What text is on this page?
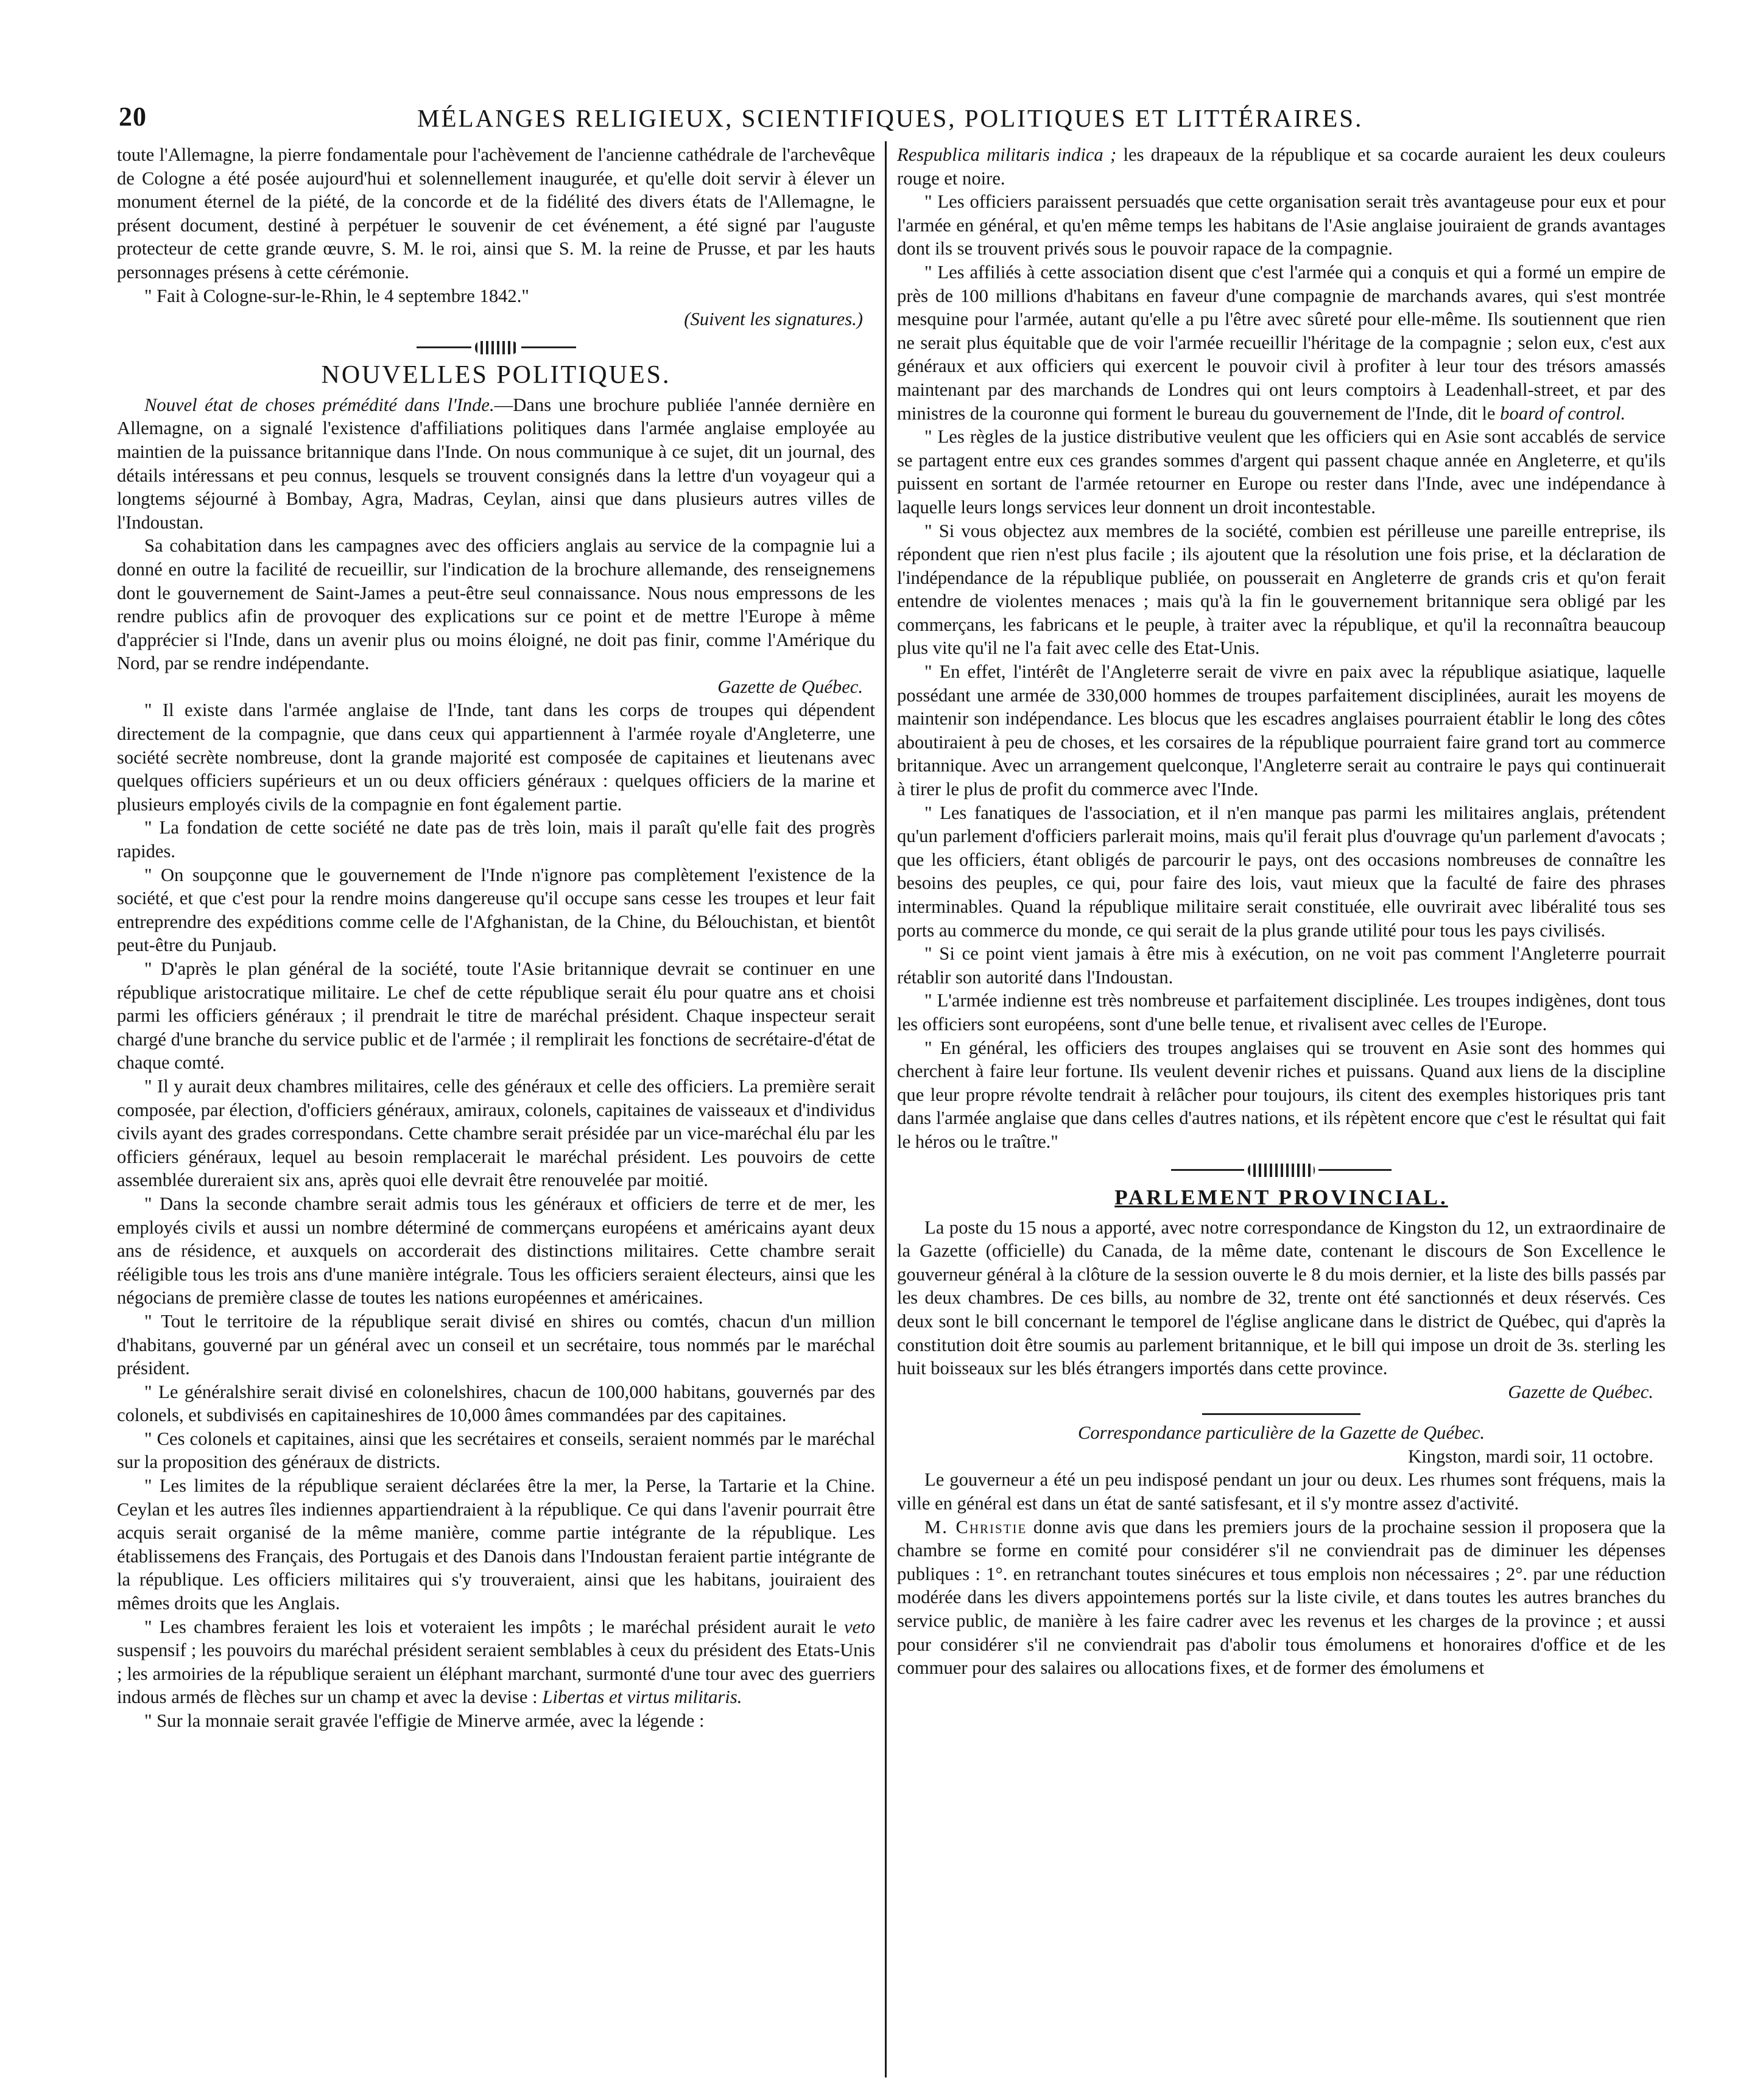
20	MÉLANGES RELIGIEUX, SCIENTIFIQUES, POLITIQUES ET LITTÉRAIRES.

toute l'Allemagne, la pierre fondamentale pour l'achèvement de l'ancienne cathédrale de l'archevêque de Cologne a été posée aujourd'hui et solennellement inaugurée, et qu'elle doit servir à élever un monument éternel de la piété, de la concorde et de la fidélité des divers états de l'Allemagne, le présent document, destiné à perpétuer le souvenir de cet événement, a été signé par l'auguste protecteur de cette grande œuvre, S. M. le roi, ainsi que S. M. la reine de Prusse, et par les hauts personnages présens à cette cérémonie.

" Fait à Cologne-sur-le-Rhin, le 4 septembre 1842."

(Suivent les signatures.)

NOUVELLES POLITIQUES.

Nouvel état de choses prémédité dans l'Inde.—Dans une brochure publiée l'année dernière en Allemagne, on a signalé l'existence d'affiliations politiques dans l'armée anglaise employée au maintien de la puissance britannique dans l'Inde. On nous communique à ce sujet, dit un journal, des détails intéressans et peu connus, lesquels se trouvent consignés dans la lettre d'un voyageur qui a longtems séjourné à Bombay, Agra, Madras, Ceylan, ainsi que dans plusieurs autres villes de l'Indoustan.

Sa cohabitation dans les campagnes avec des officiers anglais au service de la compagnie lui a donné en outre la facilité de recueillir, sur l'indication de la brochure allemande, des renseignemens dont le gouvernement de Saint-James a peut-être seul connaissance. Nous nous empressons de les rendre publics afin de provoquer des explications sur ce point et de mettre l'Europe à même d'apprécier si l'Inde, dans un avenir plus ou moins éloigné, ne doit pas finir, comme l'Amérique du Nord, par se rendre indépendante.

Gazette de Québec.

" Il existe dans l'armée anglaise de l'Inde, tant dans les corps de troupes qui dépendent directement de la compagnie, que dans ceux qui appartiennent à l'armée royale d'Angleterre, une société secrète nombreuse, dont la grande majorité est composée de capitaines et lieutenans avec quelques officiers supérieurs et un ou deux officiers généraux : quelques officiers de la marine et plusieurs employés civils de la compagnie en font également partie.

" La fondation de cette société ne date pas de très loin, mais il paraît qu'elle fait des progrès rapides.

" On soupçonne que le gouvernement de l'Inde n'ignore pas complètement l'existence de la société, et que c'est pour la rendre moins dangereuse qu'il occupe sans cesse les troupes et leur fait entreprendre des expéditions comme celle de l'Afghanistan, de la Chine, du Bélouchistan, et bientôt peut-être du Punjaub.

" D'après le plan général de la société, toute l'Asie britannique devrait se continuer en une république aristocratique militaire. Le chef de cette république serait élu pour quatre ans et choisi parmi les officiers généraux ; il prendrait le titre de maréchal président. Chaque inspecteur serait chargé d'une branche du service public et de l'armée ; il remplirait les fonctions de secrétaire-d'état de chaque comté.

" Il y aurait deux chambres militaires, celle des généraux et celle des officiers. La première serait composée, par élection, d'officiers généraux, amiraux, colonels, capitaines de vaisseaux et d'individus civils ayant des grades correspondans. Cette chambre serait présidée par un vice-maréchal élu par les officiers généraux, lequel au besoin remplacerait le maréchal président. Les pouvoirs de cette assemblée dureraient six ans, après quoi elle devrait être renouvelée par moitié.

" Dans la seconde chambre serait admis tous les généraux et officiers de terre et de mer, les employés civils et aussi un nombre déterminé de commerçans européens et américains ayant deux ans de résidence, et auxquels on accorderait des distinctions militaires. Cette chambre serait rééligible tous les trois ans d'une manière intégrale. Tous les officiers seraient électeurs, ainsi que les négocians de première classe de toutes les nations européennes et américaines.

" Tout le territoire de la république serait divisé en shires ou comtés, chacun d'un million d'habitans, gouverné par un général avec un conseil et un secrétaire, tous nommés par le maréchal président.

" Le généralshire serait divisé en colonelshires, chacun de 100,000 habitans, gouvernés par des colonels, et subdivisés en capitaineshires de 10,000 âmes commandées par des capitaines.

" Ces colonels et capitaines, ainsi que les secrétaires et conseils, seraient nommés par le maréchal sur la proposition des généraux de districts.

" Les limites de la république seraient déclarées être la mer, la Perse, la Tartarie et la Chine. Ceylan et les autres îles indiennes appartiendraient à la république. Ce qui dans l'avenir pourrait être acquis serait organisé de la même manière, comme partie intégrante de la république. Les établissemens des Français, des Portugais et des Danois dans l'Indoustan feraient partie intégrante de la république. Les officiers militaires qui s'y trouveraient, ainsi que les habitans, jouiraient des mêmes droits que les Anglais.

" Les chambres feraient les lois et voteraient les impôts ; le maréchal président aurait le veto suspensif ; les pouvoirs du maréchal président seraient semblables à ceux du président des Etats-Unis ; les armoiries de la république seraient un éléphant marchant, surmonté d'une tour avec des guerriers indous armés de flèches sur un champ et avec la devise : Libertas et virtus militaris.

" Sur la monnaie serait gravée l'effigie de Minerve armée, avec la légende :

Respublica militaris indica ; les drapeaux de la république et sa cocarde auraient les deux couleurs rouge et noire.

" Les officiers paraissent persuadés que cette organisation serait très avantageuse pour eux et pour l'armée en général, et qu'en même temps les habitans de l'Asie anglaise jouiraient de grands avantages dont ils se trouvent privés sous le pouvoir rapace de la compagnie.

" Les affiliés à cette association disent que c'est l'armée qui a conquis et qui a formé un empire de près de 100 millions d'habitans en faveur d'une compagnie de marchands avares, qui s'est montrée mesquine pour l'armée, autant qu'elle a pu l'être avec sûreté pour elle-même. Ils soutiennent que rien ne serait plus équitable que de voir l'armée recueillir l'héritage de la compagnie ; selon eux, c'est aux généraux et aux officiers qui exercent le pouvoir civil à profiter à leur tour des trésors amassés maintenant par des marchands de Londres qui ont leurs comptoirs à Leadenhall-street, et par des ministres de la couronne qui forment le bureau du gouvernement de l'Inde, dit le board of control.

" Les règles de la justice distributive veulent que les officiers qui en Asie sont accablés de service se partagent entre eux ces grandes sommes d'argent qui passent chaque année en Angleterre, et qu'ils puissent en sortant de l'armée retourner en Europe ou rester dans l'Inde, avec une indépendance à laquelle leurs longs services leur donnent un droit incontestable.

" Si vous objectez aux membres de la société, combien est périlleuse une pareille entreprise, ils répondent que rien n'est plus facile ; ils ajoutent que la résolution une fois prise, et la déclaration de l'indépendance de la république publiée, on pousserait en Angleterre de grands cris et qu'on ferait entendre de violentes menaces ; mais qu'à la fin le gouvernement britannique sera obligé par les commerçans, les fabricans et le peuple, à traiter avec la république, et qu'il la reconnaîtra beaucoup plus vite qu'il ne l'a fait avec celle des Etat-Unis.

" En effet, l'intérêt de l'Angleterre serait de vivre en paix avec la république asiatique, laquelle possédant une armée de 330,000 hommes de troupes parfaitement disciplinées, aurait les moyens de maintenir son indépendance. Les blocus que les escadres anglaises pourraient établir le long des côtes aboutiraient à peu de choses, et les corsaires de la république pourraient faire grand tort au commerce britannique. Avec un arrangement quelconque, l'Angleterre serait au contraire le pays qui continuerait à tirer le plus de profit du commerce avec l'Inde.

" Les fanatiques de l'association, et il n'en manque pas parmi les militaires anglais, prétendent qu'un parlement d'officiers parlerait moins, mais qu'il ferait plus d'ouvrage qu'un parlement d'avocats ; que les officiers, étant obligés de parcourir le pays, ont des occasions nombreuses de connaître les besoins des peuples, ce qui, pour faire des lois, vaut mieux que la faculté de faire des phrases interminables. Quand la république militaire serait constituée, elle ouvrirait avec libéralité tous ses ports au commerce du monde, ce qui serait de la plus grande utilité pour tous les pays civilisés.

" Si ce point vient jamais à être mis à exécution, on ne voit pas comment l'Angleterre pourrait rétablir son autorité dans l'Indoustan.

" L'armée indienne est très nombreuse et parfaitement disciplinée. Les troupes indigènes, dont tous les officiers sont européens, sont d'une belle tenue, et rivalisent avec celles de l'Europe.

" En général, les officiers des troupes anglaises qui se trouvent en Asie sont des hommes qui cherchent à faire leur fortune. Ils veulent devenir riches et puissans. Quand aux liens de la discipline que leur propre révolte tendrait à relâcher pour toujours, ils citent des exemples historiques pris tant dans l'armée anglaise que dans celles d'autres nations, et ils répètent encore que c'est le résultat qui fait le héros ou le traître."

PARLEMENT PROVINCIAL.

La poste du 15 nous a apporté, avec notre correspondance de Kingston du 12, un extraordinaire de la Gazette (officielle) du Canada, de la même date, contenant le discours de Son Excellence le gouverneur général à la clôture de la session ouverte le 8 du mois dernier, et la liste des bills passés par les deux chambres. De ces bills, au nombre de 32, trente ont été sanctionnés et deux réservés. Ces deux sont le bill concernant le temporel de l'église anglicane dans le district de Québec, qui d'après la constitution doit être soumis au parlement britannique, et le bill qui impose un droit de 3s. sterling les huit boisseaux sur les blés étrangers importés dans cette province.

Gazette de Québec.

Correspondance particulière de la Gazette de Québec.

Kingston, mardi soir, 11 octobre.

Le gouverneur a été un peu indisposé pendant un jour ou deux. Les rhumes sont fréquens, mais la ville en général est dans un état de santé satisfesant, et il s'y montre assez d'activité.

M. Christie donne avis que dans les premiers jours de la prochaine session il proposera que la chambre se forme en comité pour considérer s'il ne conviendrait pas de diminuer les dépenses publiques : 1°. en retranchant toutes sinécures et tous emplois non nécessaires ; 2°. par une réduction modérée dans les divers appointemens portés sur la liste civile, et dans toutes les autres branches du service public, de manière à les faire cadrer avec les revenus et les charges de la province ; et aussi pour considérer s'il ne conviendrait pas d'abolir tous émolumens et honoraires d'office et de les commuer pour des salaires ou allocations fixes, et de former des émolumens et
